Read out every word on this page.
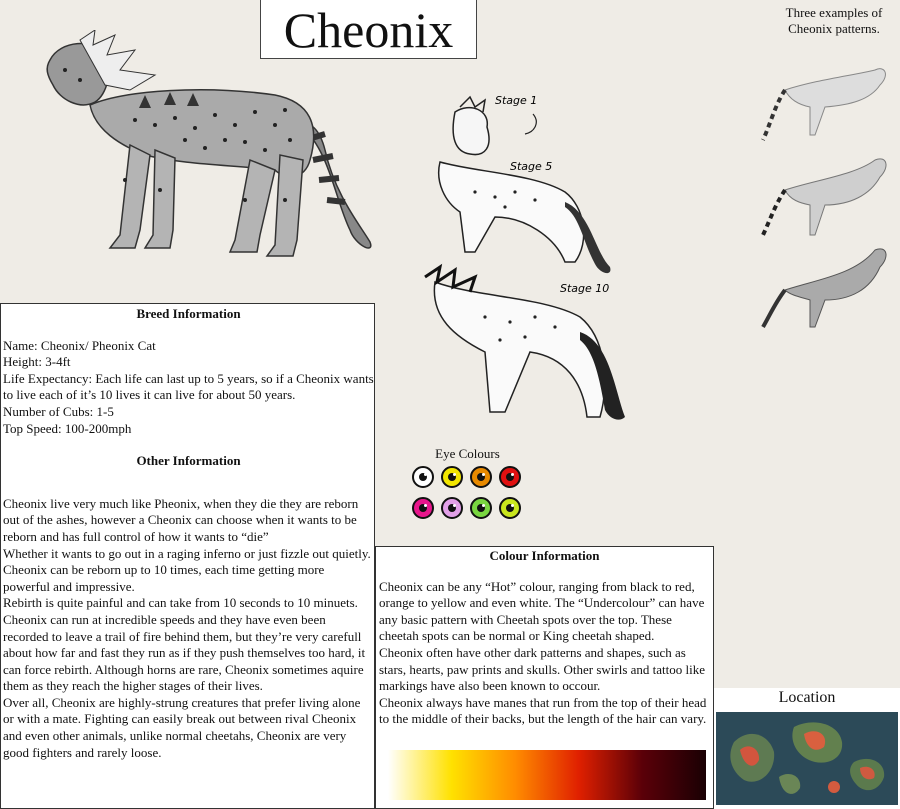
Cheonix	Three examples of Cheonix patterns.
Stage 1
Stage 5
Stage 10

Breed Information

Name: Cheonix/ Pheonix Cat

Height: 3-4ft

Life Expectancy: Each life can last up to 5 years, so if a Cheonix wants to live each of it’s 10 lives it can live for about 50 years.

Number of Cubs: 1-5

Top Speed: 100-200mph

Other Information

Cheonix live very much like Pheonix, when they die they are reborn out of the ashes, however a Cheonix can choose when it wants to be reborn and has full control of how it wants to “die”

Whether it wants to go out in a raging inferno or just fizzle out quietly. Cheonix can be reborn up to 10 times, each time getting more powerful and impressive.

Rebirth is quite painful and can take from 10 seconds to 10 minuets. Cheonix can run at incredible speeds and they have even been recorded to leave a trail of fire behind them, but they’re very carefull about how far and fast they run as if they push themselves too hard, it can force rebirth. Although horns are rare, Cheonix sometimes aquire them as they reach the higher stages of their lives.

Over all, Cheonix are highly-strung creatures that prefer living alone or with a mate. Fighting can easily break out between rival Cheonix and even other animals, unlike normal cheetahs, Cheonix are very good fighters and rarely loose.

Eye Colours

Colour Information

Cheonix can be any “Hot” colour, ranging from black to red, orange to yellow and even white. The “Undercolour” can have any basic pattern with Cheetah spots over the top. These cheetah spots can be normal or King cheetah shaped.

Cheonix often have other dark patterns and shapes, such as stars, hearts, paw prints and skulls. Other swirls and tattoo like markings have also been known to occour.

Cheonix always have manes that run from the top of their head to the middle of their backs, but the length of the hair can vary.

Location
